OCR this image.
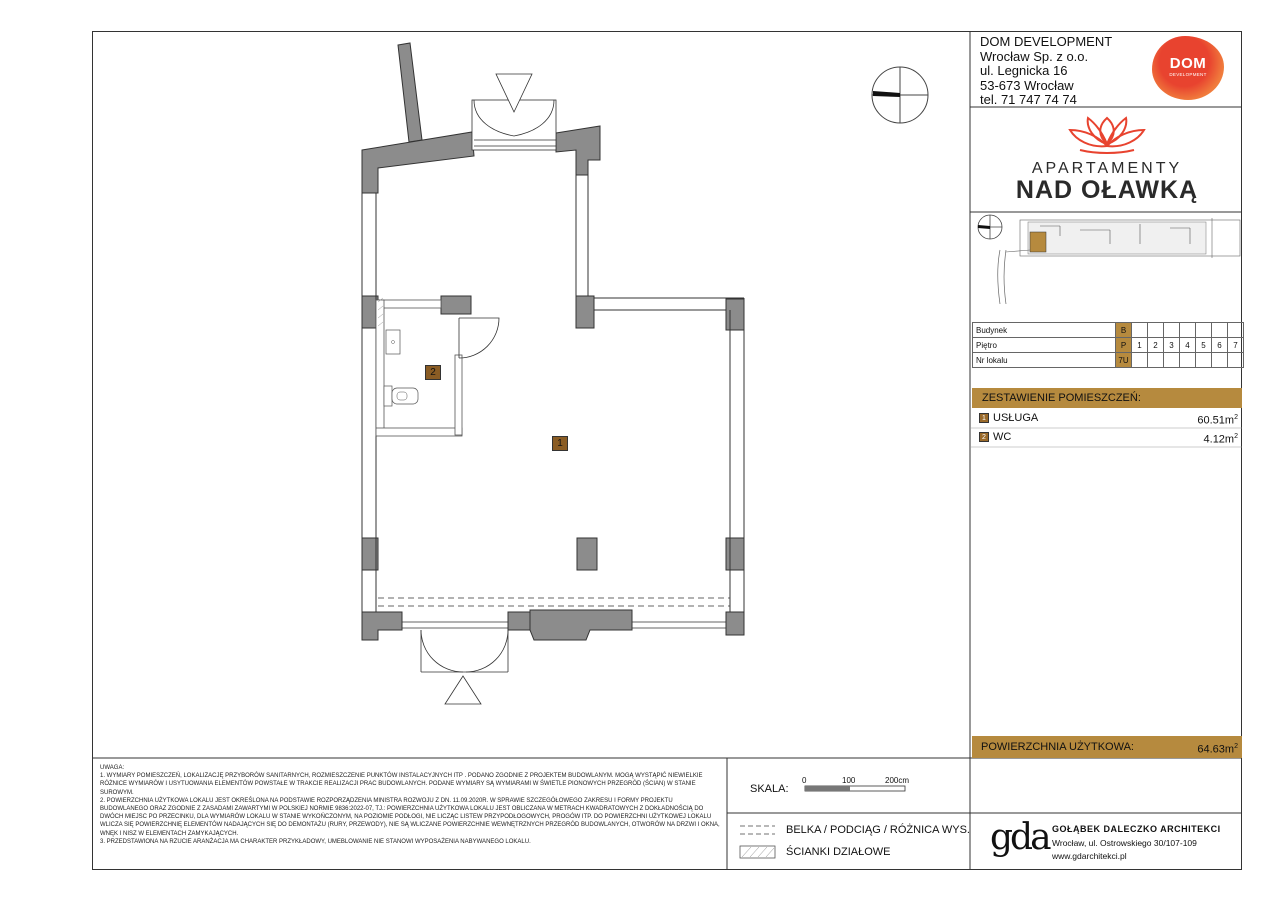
2
1
DOM DEVELOPMENT
Wrocław Sp. z o.o.
ul. Legnicka 16
53-673 Wrocław
tel. 71 747 74 74
DOM
DEVELOPMENT
APARTAMENTY
NAD OŁAWKĄ
Budynek	B							
Piętro	P	1	2	3	4	5	6	7
Nr lokalu	7U							
ZESTAWIENIE POMIESZCZEŃ:
1 USŁUGA	$60.51m^2$
2 WC	$4.12m^2$
POWIERZCHNIA UŻYTKOWA:	$64.63m^2$

UWAGA:

1. WYMIARY POMIESZCZEŃ, LOKALIZACJĘ PRZYBORÓW SANITARNYCH, ROZMIESZCZENIE PUNKTÓW INSTALACYJNYCH ITP . PODANO ZGODNIE Z PROJEKTEM BUDOWLANYM. MOGĄ WYSTĄPIĆ NIEWIELKIE RÓŻNICE WYMIARÓW I USYTUOWANIA ELEMENTÓW POWSTAŁE W TRAKCIE REALIZACJI PRAC BUDOWLANYCH. PODANE WYMIARY SĄ WYMIARAMI W ŚWIETLE PIONOWYCH PRZEGRÓD (ŚCIAN) W STANIE SUROWYM.

2. POWIERZCHNIA UŻYTKOWA LOKALU JEST OKREŚLONA NA PODSTAWIE ROZPORZĄDZENIA MINISTRA ROZWOJU Z DN. 11.09.2020R. W SPRAWIE SZCZEGÓŁOWEGO ZAKRESU I FORMY PROJEKTU BUDOWLANEGO ORAZ ZGODNIE Z ZASADAMI ZAWARTYMI W POLSKIEJ NORMIE 9836:2022-07, TJ.: POWIERZCHNIA UŻYTKOWA LOKALU JEST OBLICZANA W METRACH KWADRATOWYCH Z DOKŁADNOŚCIĄ DO DWÓCH MIEJSC PO PRZECINKU, DLA WYMIARÓW LOKALU W STANIE WYKOŃCZONYM, NA POZIOMIE PODŁOGI, NIE LICZĄC LISTEW PRZYPODŁOGOWYCH, PROGÓW ITP. DO POWIERZCHNI UŻYTKOWEJ LOKALU WLICZA SIĘ POWIERZCHNIĘ ELEMENTÓW NADAJĄCYCH SIĘ DO DEMONTAŻU (RURY, PRZEWODY), NIE SĄ WLICZANE POWIERZCHNIE WEWNĘTRZNYCH PRZEGRÓD BUDOWLANYCH, OTWORÓW NA DRZWI I OKNA, WNĘK I NISZ W ELEMENTACH ZAMYKAJĄCYCH.

3. PRZEDSTAWIONA NA RZUCIE ARANŻACJA MA CHARAKTER PRZYKŁADOWY, UMEBLOWANIE NIE STANOWI WYPOSAŻENIA NABYWANEGO LOKALU.

SKALA:
0	100	200cm
BELKA / PODCIĄG / RÓŻNICA WYS.
ŚCIANKI DZIAŁOWE	gda GOŁĄBEK DALECZKO ARCHITEKCI
Wrocław, ul. Ostrowskiego 30/107-109
www.gdarchitekci.pl
